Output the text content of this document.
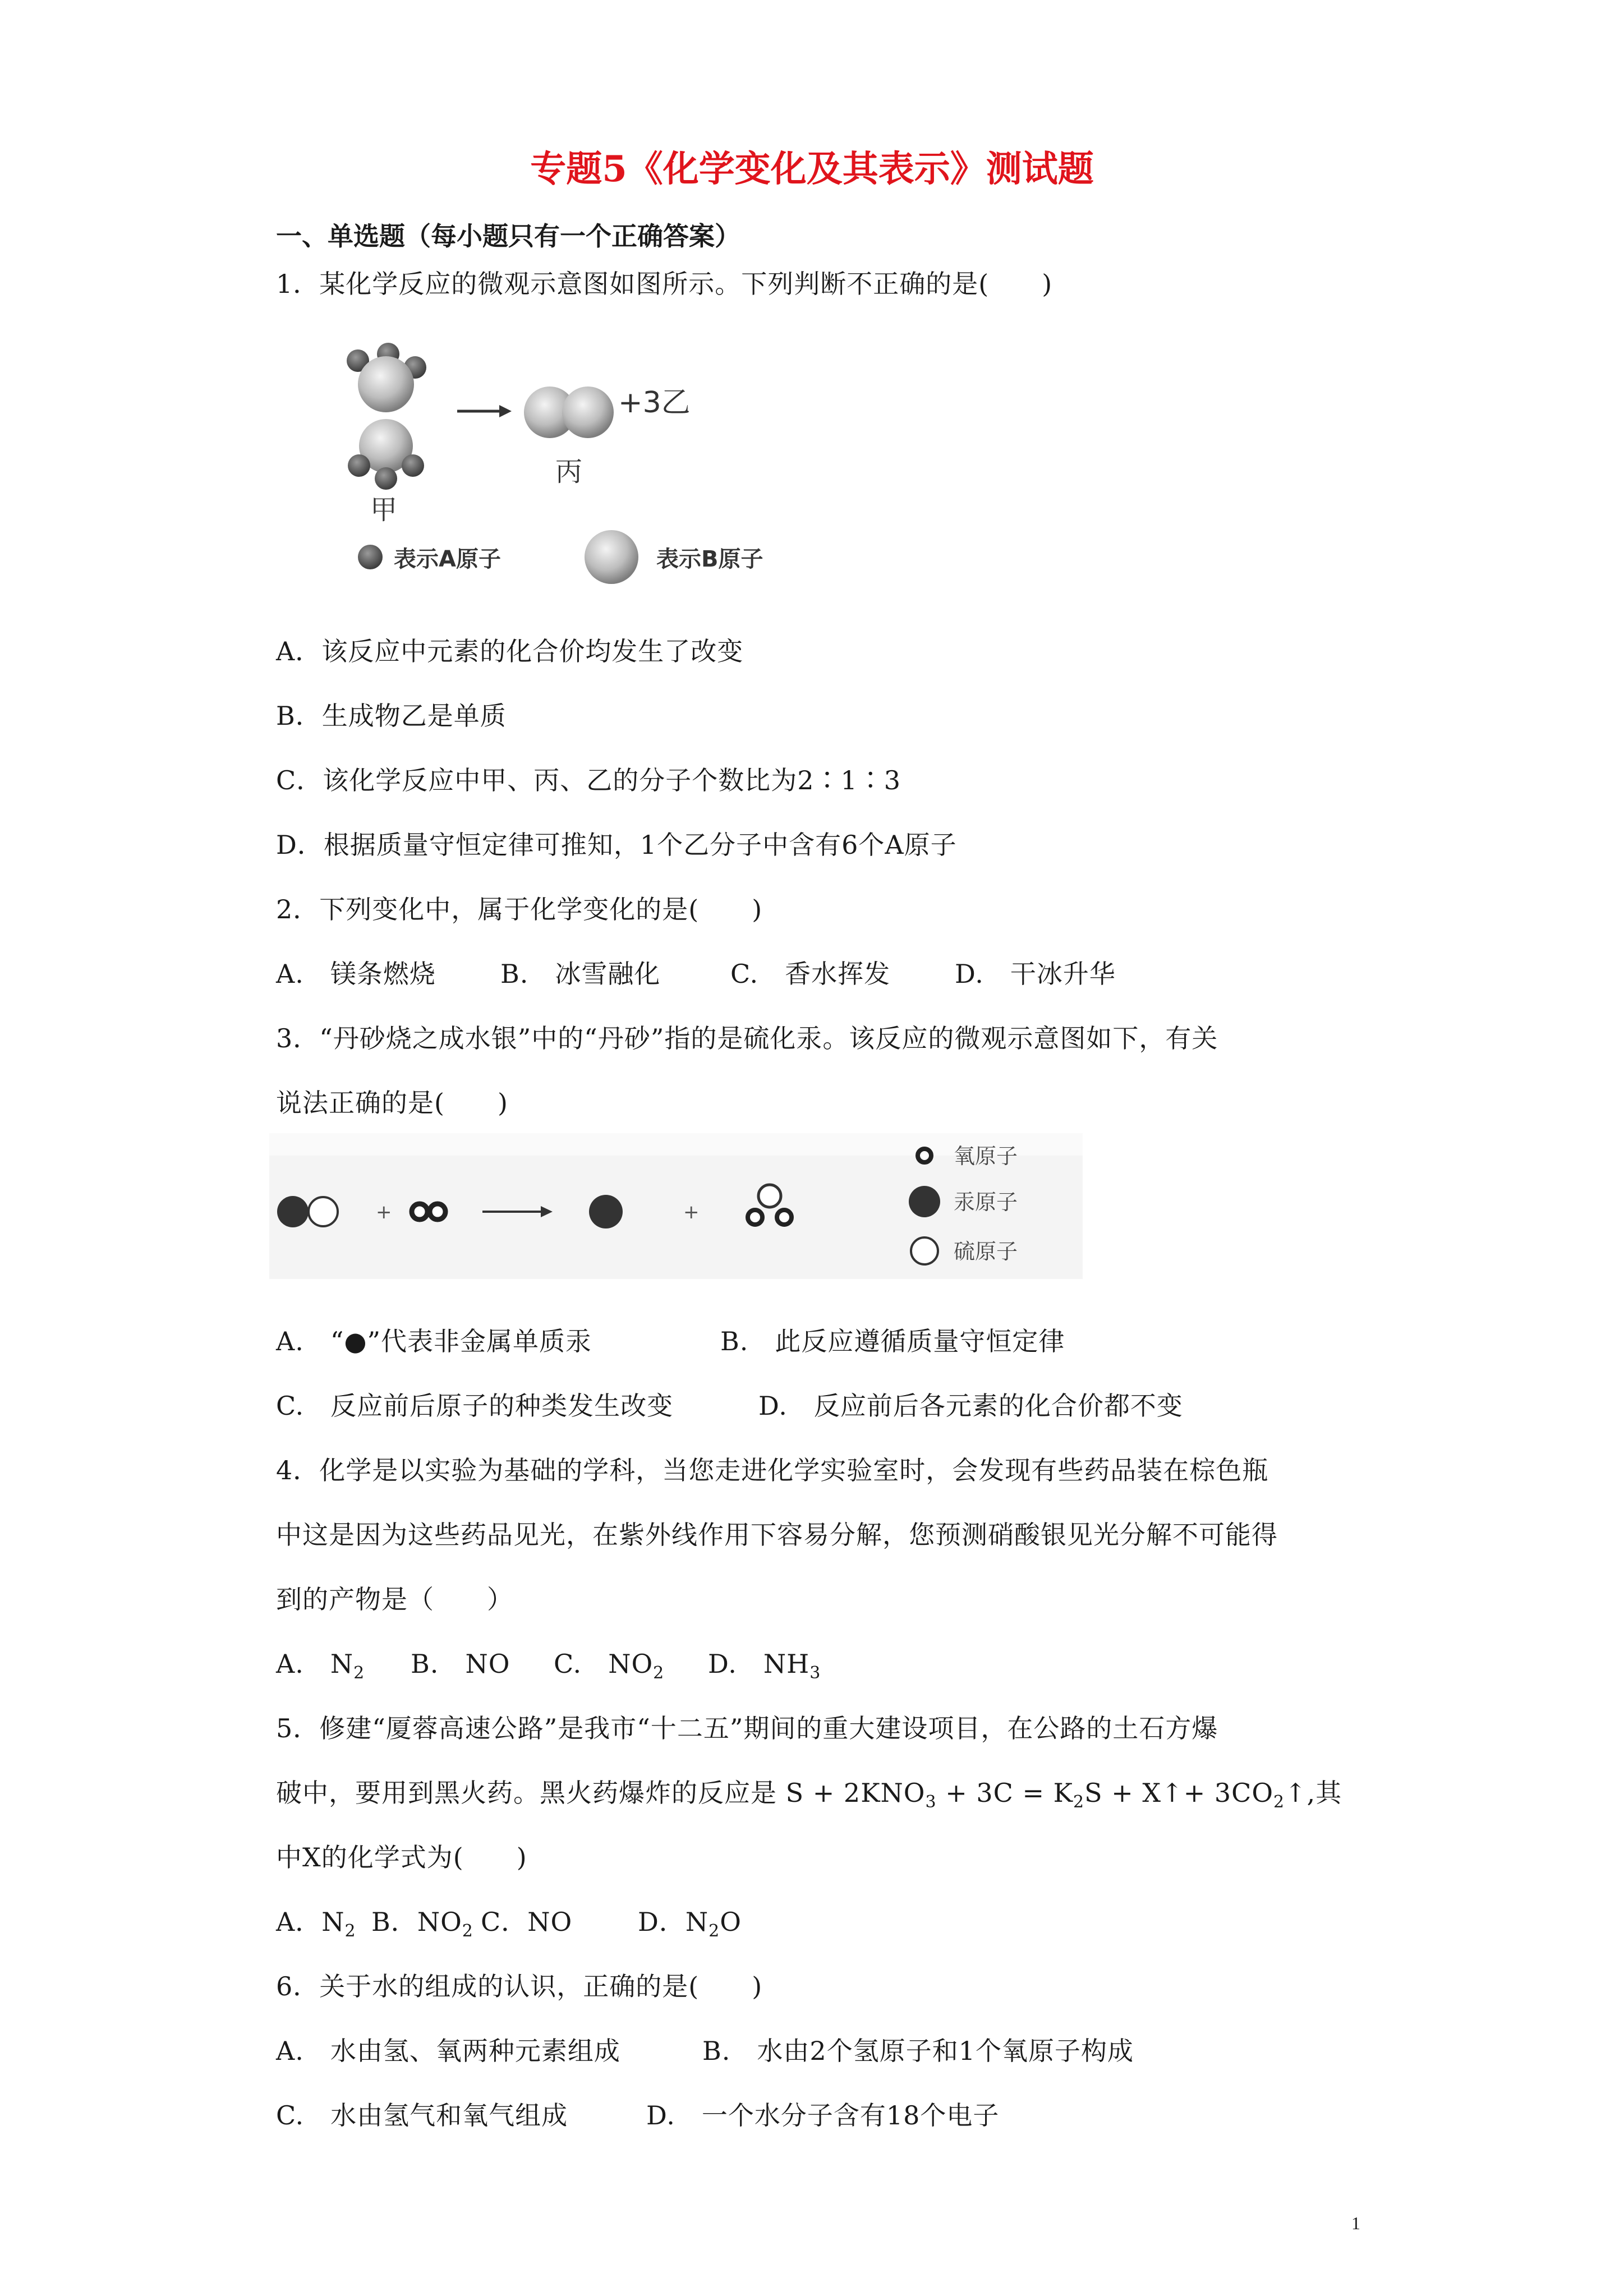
专题5《化学变化及其表示》测试题
一、单选题（每小题只有一个正确答案）
1．某化学反应的微观示意图如图所示。下列判断不正确的是(　　)
甲
丙
+3乙
表示A原子	表示B原子
A．该反应中元素的化合价均发生了改变
B．生成物乙是单质
C．该化学反应中甲、丙、乙的分子个数比为2∶1∶3
D．根据质量守恒定律可推知，1个乙分子中含有6个A原子
2．下列变化中，属于化学变化的是(　　)
A.　镁条燃烧	B.　冰雪融化	C.　香水挥发 D.　干冰升华
3．“丹砂烧之成水银”中的“丹砂”指的是硫化汞。该反应的微观示意图如下，有关
说法正确的是(　　)
+	+
氧原子
汞原子
硫原子
A.　“●”代表非金属单质汞	B.　此反应遵循质量守恒定律
C.　反应前后原子的种类发生改变	D.　反应前后各元素的化合价都不变
4．化学是以实验为基础的学科，当您走进化学实验室时，会发现有些药品装在棕色瓶
中这是因为这些药品见光，在紫外线作用下容易分解，您预测硝酸银见光分解不可能得
到的产物是（　　）
A.　 $N_2$ B.　 NO C.　 $NO_2$ D.　 $NH_3$
5．修建“厦蓉高速公路”是我市“十二五”期间的重大建设项目，在公路的土石方爆
破中，要用到黑火药。黑火药爆炸的反应是 $S + 2KNO_3 + 3C = K_2S$ + X↑+ $3CO_2↑$,其
中X的化学式为(　　)
A．$N_2$ B．$NO_2$ C．NO	D．$N_2O$
6．关于水的组成的认识，正确的是(　　)
A.　水由氢、氧两种元素组成	B.　水由2个氢原子和1个氧原子构成
C.　水由氢气和氧气组成	D.　一个水分子含有18个电子
1
